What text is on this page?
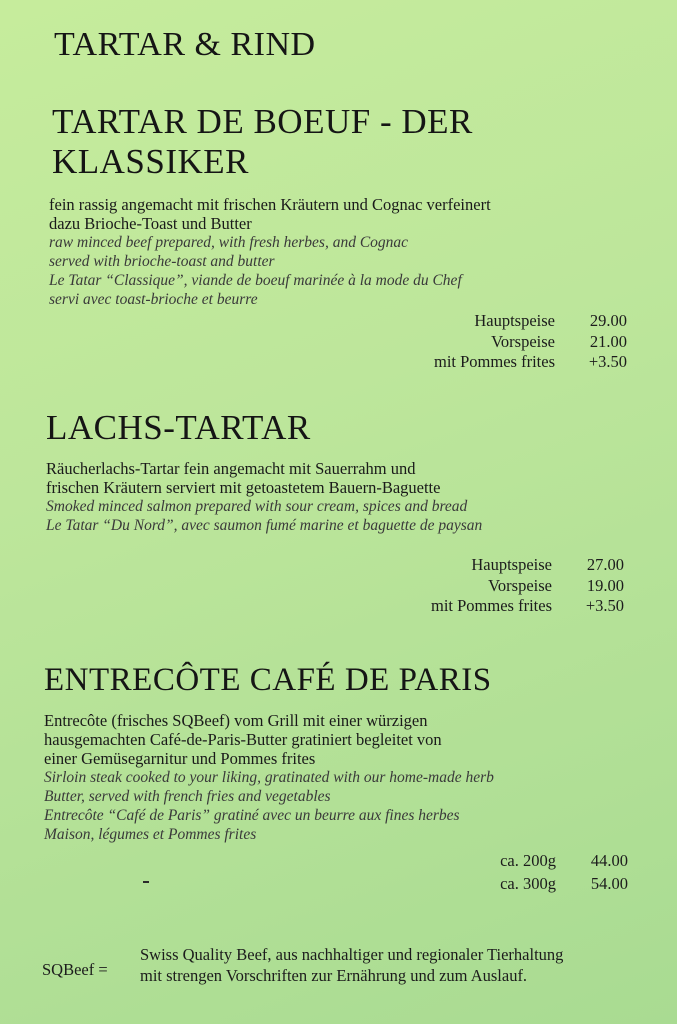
TARTAR & RIND
TARTAR DE BOEUF - DER KLASSIKER
fein rassig angemacht mit frischen Kräutern und Cognac verfeinert
dazu Brioche-Toast und Butter
raw minced beef prepared, with fresh herbes, and Cognac
served with brioche-toast and butter
Le Tatar “Classique”, viande de boeuf marinée à la mode du Chef
servi avec toast-brioche et beurre
Hauptspeise	29.00
Vorspeise	21.00
mit Pommes frites	+3.50
LACHS-TARTAR
Räucherlachs-Tartar fein angemacht mit Sauerrahm und
frischen Kräutern serviert mit getoastetem Bauern-Baguette
Smoked minced salmon prepared with sour cream, spices and bread
Le Tatar “Du Nord”, avec saumon fumé marine et baguette de paysan
Hauptspeise	27.00
Vorspeise	19.00
mit Pommes frites	+3.50
ENTRECÔTE CAFÉ DE PARIS
Entrecôte (frisches SQBeef) vom Grill mit einer würzigen
hausgemachten Café-de-Paris-Butter gratiniert begleitet von
einer Gemüsegarnitur und Pommes frites
Sirloin steak cooked to your liking, gratinated with our home-made herb
Butter, served with french fries and vegetables
Entrecôte “Café de Paris” gratiné avec un beurre aux fines herbes
Maison, légumes et Pommes frites
ca. 200g	44.00
ca. 300g	54.00
SQBeef =
Swiss Quality Beef, aus nachhaltiger und regionaler Tierhaltung
mit strengen Vorschriften zur Ernährung und zum Auslauf.
